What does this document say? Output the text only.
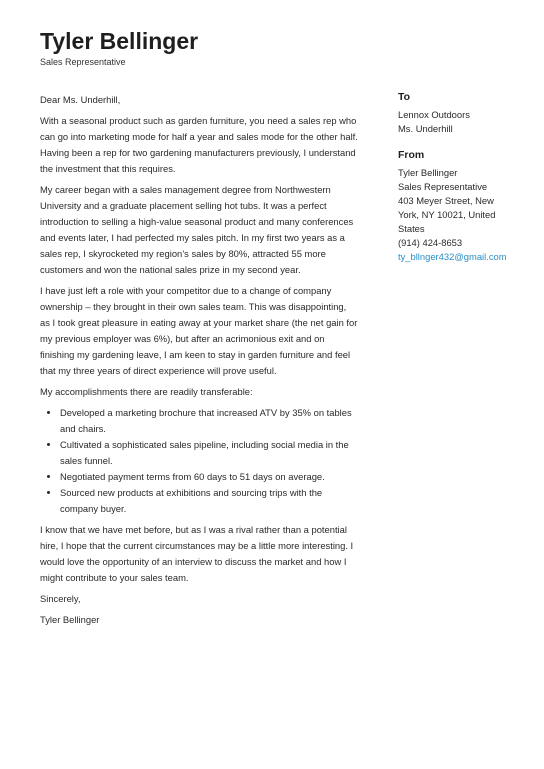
Tyler Bellinger
Sales Representative

Dear Ms. Underhill,

With a seasonal product such as garden furniture, you need a sales rep who can go into marketing mode for half a year and sales mode for the other half. Having been a rep for two gardening manufacturers previously, I understand the investment that this requires.

My career began with a sales management degree from Northwestern University and a graduate placement selling hot tubs. It was a perfect introduction to selling a high-value seasonal product and many conferences and events later, I had perfected my sales pitch. In my first two years as a sales rep, I skyrocketed my region’s sales by 80%, attracted 55 more customers and won the national sales prize in my second year.

I have just left a role with your competitor due to a change of company ownership – they brought in their own sales team. This was disappointing, as I took great pleasure in eating away at your market share (the net gain for my previous employer was 6%), but after an acrimonious exit and on finishing my gardening leave, I am keen to stay in garden furniture and feel that my three years of direct experience will prove useful.

My accomplishments there are readily transferable:

• Developed a marketing brochure that increased ATV by 35% on tables and chairs.
• Cultivated a sophisticated sales pipeline, including social media in the sales funnel.
• Negotiated payment terms from 60 days to 51 days on average.
• Sourced new products at exhibitions and sourcing trips with the company buyer.

I know that we have met before, but as I was a rival rather than a potential hire, I hope that the current circumstances may be a little more interesting. I would love the opportunity of an interview to discuss the market and how I might contribute to your sales team.

Sincerely,

Tyler Bellinger

To
Lennox Outdoors
Ms. Underhill
From
Tyler Bellinger
Sales Representative
403 Meyer Street, New York, NY 10021, United States
(914) 424-8653
ty_bllnger432@gmail.com
